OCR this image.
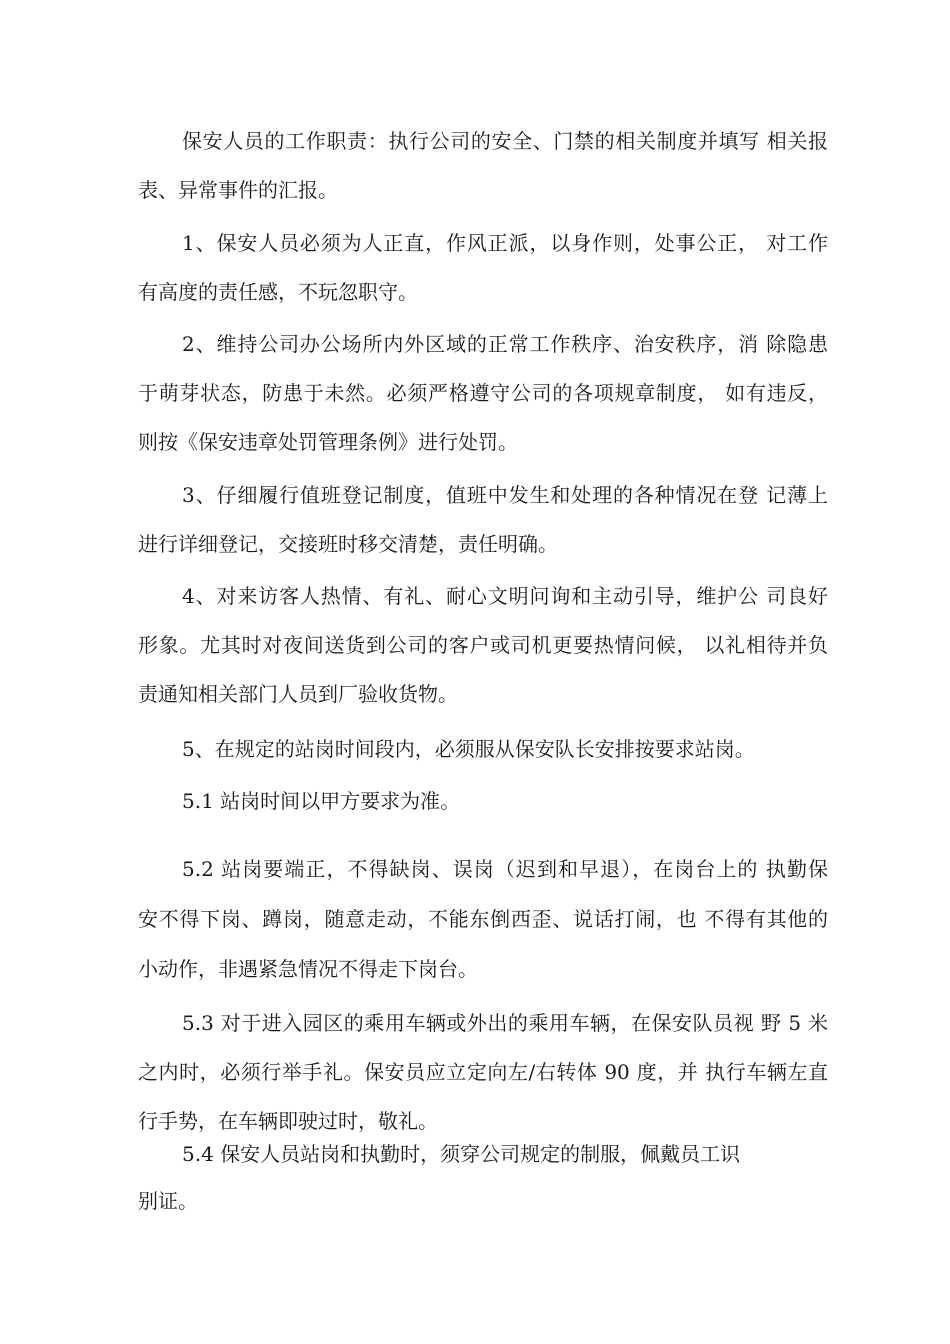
保安人员的工作职责：执行公司的安全、门禁的相关制度并填写 相关报
表、异常事件的汇报。
1、保安人员必须为人正直，作风正派，以身作则，处事公正， 对工作
有高度的责任感，不玩忽职守。
2、维持公司办公场所内外区域的正常工作秩序、治安秩序，消 除隐患
于萌芽状态，防患于未然。必须严格遵守公司的各项规章制度， 如有违反，
则按《保安违章处罚管理条例》进行处罚。
3、仔细履行值班登记制度，值班中发生和处理的各种情况在登 记薄上
进行详细登记，交接班时移交清楚，责任明确。
4、对来访客人热情、有礼、耐心文明问询和主动引导，维护公 司良好
形象。尤其时对夜间送货到公司的客户或司机更要热情问候， 以礼相待并负
责通知相关部门人员到厂验收货物。
5、在规定的站岗时间段内，必须服从保安队长安排按要求站岗。
5.1 站岗时间以甲方要求为准。
5.2 站岗要端正，不得缺岗、误岗（迟到和早退），在岗台上的 执勤保
安不得下岗、蹲岗，随意走动，不能东倒西歪、说话打闹，也 不得有其他的
小动作，非遇紧急情况不得走下岗台。
5.3 对于进入园区的乘用车辆或外出的乘用车辆，在保安队员视 野 5 米
之内时，必须行举手礼。保安员应立定向左/右转体 90 度，并 执行车辆左直
行手势，在车辆即驶过时，敬礼。
5.4 保安人员站岗和执勤时，须穿公司规定的制服，佩戴员工识
别证。
